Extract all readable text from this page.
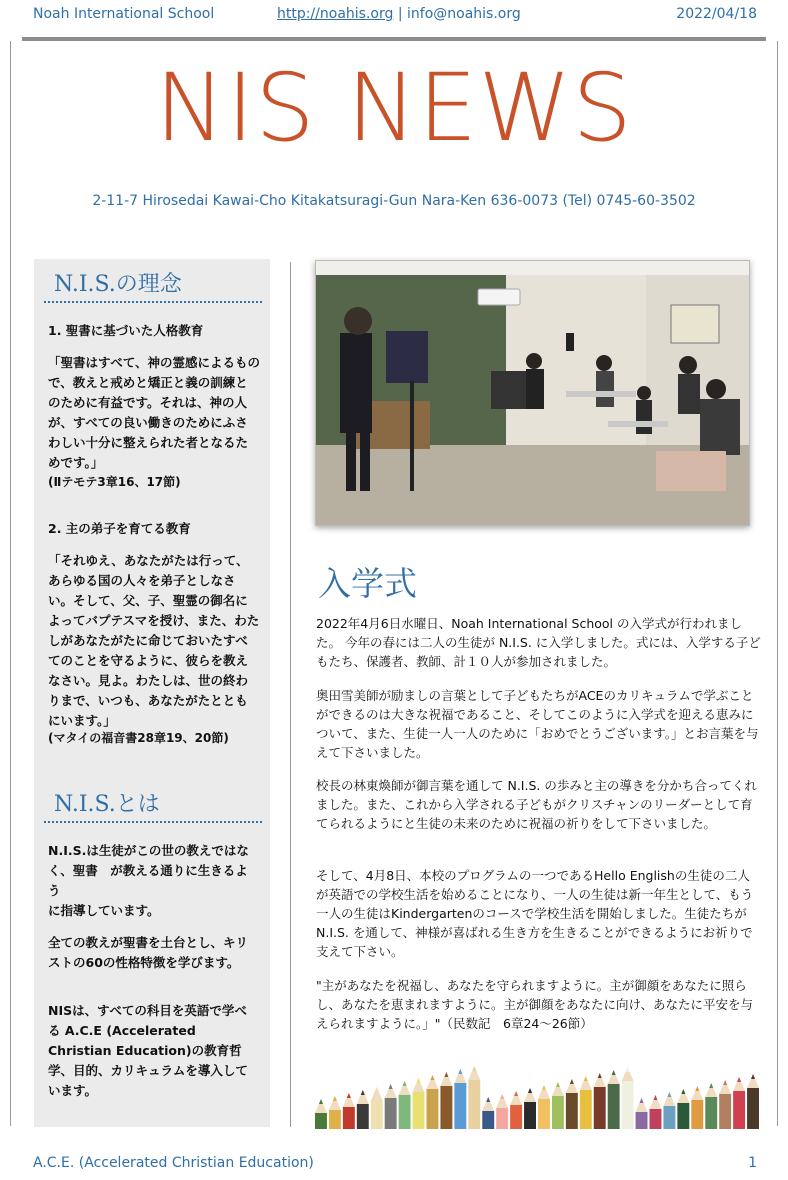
Noah International School	http://noahis.org | info@noahis.org	2022/04/18
NIS NEWS
2-11-7 Hirosedai Kawai-Cho Kitakatsuragi-Gun Nara-Ken 636-0073 (Tel) 0745-60-3502
N.I.S.の理念
1. 聖書に基づいた人格教育
「聖書はすべて、神の霊感によるもので、教えと戒めと矯正と義の訓練とのために有益です。それは、神の人が、すべての良い働きのためにふさわしい十分に整えられた者となるためです。」
(Ⅱテモテ3章16、17節)
2. 主の弟子を育てる教育
「それゆえ、あなたがたは行って、あらゆる国の人々を弟子としなさい。そして、父、子、聖霊の御名によってバプテスマを授け、また、わたしがあなたがたに命じておいたすべてのことを守るように、彼らを教えなさい。見よ。わたしは、世の終わりまで、いつも、あなたがたとともにいます。」
(マタイの福音書28章19、20節)
N.I.S.とは
N.I.S.は生徒がこの世の教えではなく、聖書　が教える通りに生きるよう
に指導しています。
全ての教えが聖書を土台とし、キリストの60の性格特徴を学びます。
NISは、すべての科目を英語で学べる A.C.E (Accelerated Christian Education)の教育哲学、目的、カリキュラムを導入しています。
入学式
2022年4月6日水曜日、Noah International School の入学式が行われました。 今年の春には二人の生徒が N.I.S. に入学しました。式には、入学する子どもたち、保護者、教師、計１０人が参加されました。
奥田雪美師が励ましの言葉として子どもたちがACEのカリキュラムで学ぶことができるのは大きな祝福であること、そしてこのように入学式を迎える恵みについて、また、生徒一人一人のために「おめでとうございます。」とお言葉を与えて下さいました。
校長の林東煥師が御言葉を通して N.I.S. の歩みと主の導きを分かち合ってくれました。また、これから入学される子どもがクリスチャンのリーダーとして育てられるようにと生徒の未来のために祝福の祈りをして下さいました。
そして、4月8日、本校のプログラムの一つであるHello Englishの生徒の二人が英語での学校生活を始めることになり、一人の生徒は新一年生として、もう一人の生徒はKindergartenのコースで学校生活を開始しました。生徒たちが N.I.S. を通して、神様が喜ばれる生き方を生きることができるようにお祈りで支えて下さい。
"主があなたを祝福し、あなたを守られますように。主が御顔をあなたに照らし、あなたを恵まれますように。主が御顔をあなたに向け、あなたに平安を与えられますように。」"（民数記　6章24〜26節）
A.C.E. (Accelerated Christian Education)	1
